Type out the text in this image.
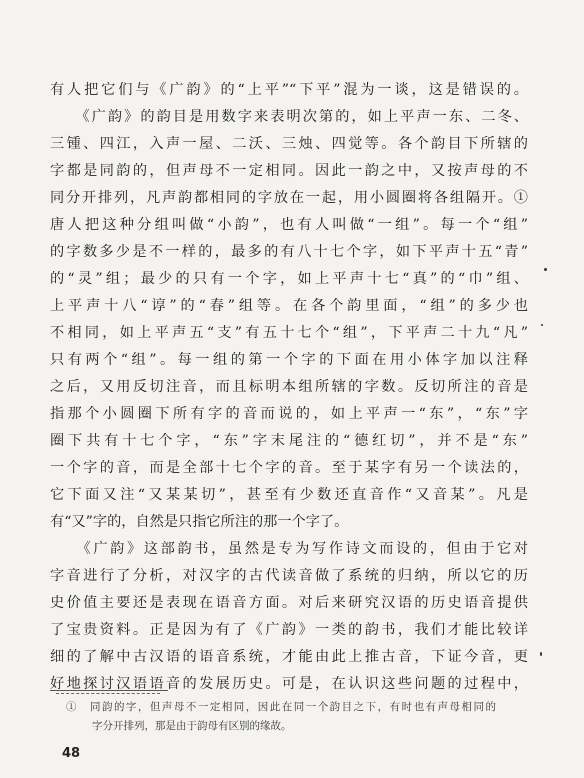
有人把它们与《广韵》的“上平”“下平”混为一谈，这是错误的。
　　《广韵》的韵目是用数字来表明次第的，如上平声一东、二冬、
三锺、四江，入声一屋、二沃、三烛、四觉等。各个韵目下所辖的
字都是同韵的，但声母不一定相同。因此一韵之中，又按声母的不
同分开排列，凡声韵都相同的字放在一起，用小圆圈将各组隔开。①
唐人把这种分组叫做“小韵”，也有人叫做“一组”。每一个“组”
的字数多少是不一样的，最多的有八十七个字，如下平声十五“青”
的“灵”组；最少的只有一个字，如上平声十七“真”的“巾”组、
上平声十八“谆”的“春”组等。在各个韵里面，“组”的多少也
不相同，如上平声五“支”有五十七个“组”，下平声二十九“凡”
只有两个“组”。每一组的第一个字的下面在用小体字加以注释
之后，又用反切注音，而且标明本组所辖的字数。反切所注的音是
指那个小圆圈下所有字的音而说的，如上平声一“东”，“东”字
圈下共有十七个字，“东”字末尾注的“德红切”，并不是“东”
一个字的音，而是全部十七个字的音。至于某字有另一个读法的，
它下面又注“又某某切”，甚至有少数还直音作“又音某”。凡是
有“又”字的，自然是只指它所注的那一个字了。
　　《广韵》这部韵书，虽然是专为写作诗文而设的，但由于它对
字音进行了分析，对汉字的古代读音做了系统的归纳，所以它的历
史价值主要还是表现在语音方面。对后来研究汉语的历史语音提供
了宝贵资料。正是因为有了《广韵》一类的韵书，我们才能比较详
细的了解中古汉语的语音系统，才能由此上推古音，下证今音，更
好地探讨汉语语音的发展历史。可是，在认识这些问题的过程中，
①　同韵的字，但声母不一定相同，因此在同一个韵目之下，有时也有声母相同的
字分开排列，那是由于韵母有区别的缘故。
48
